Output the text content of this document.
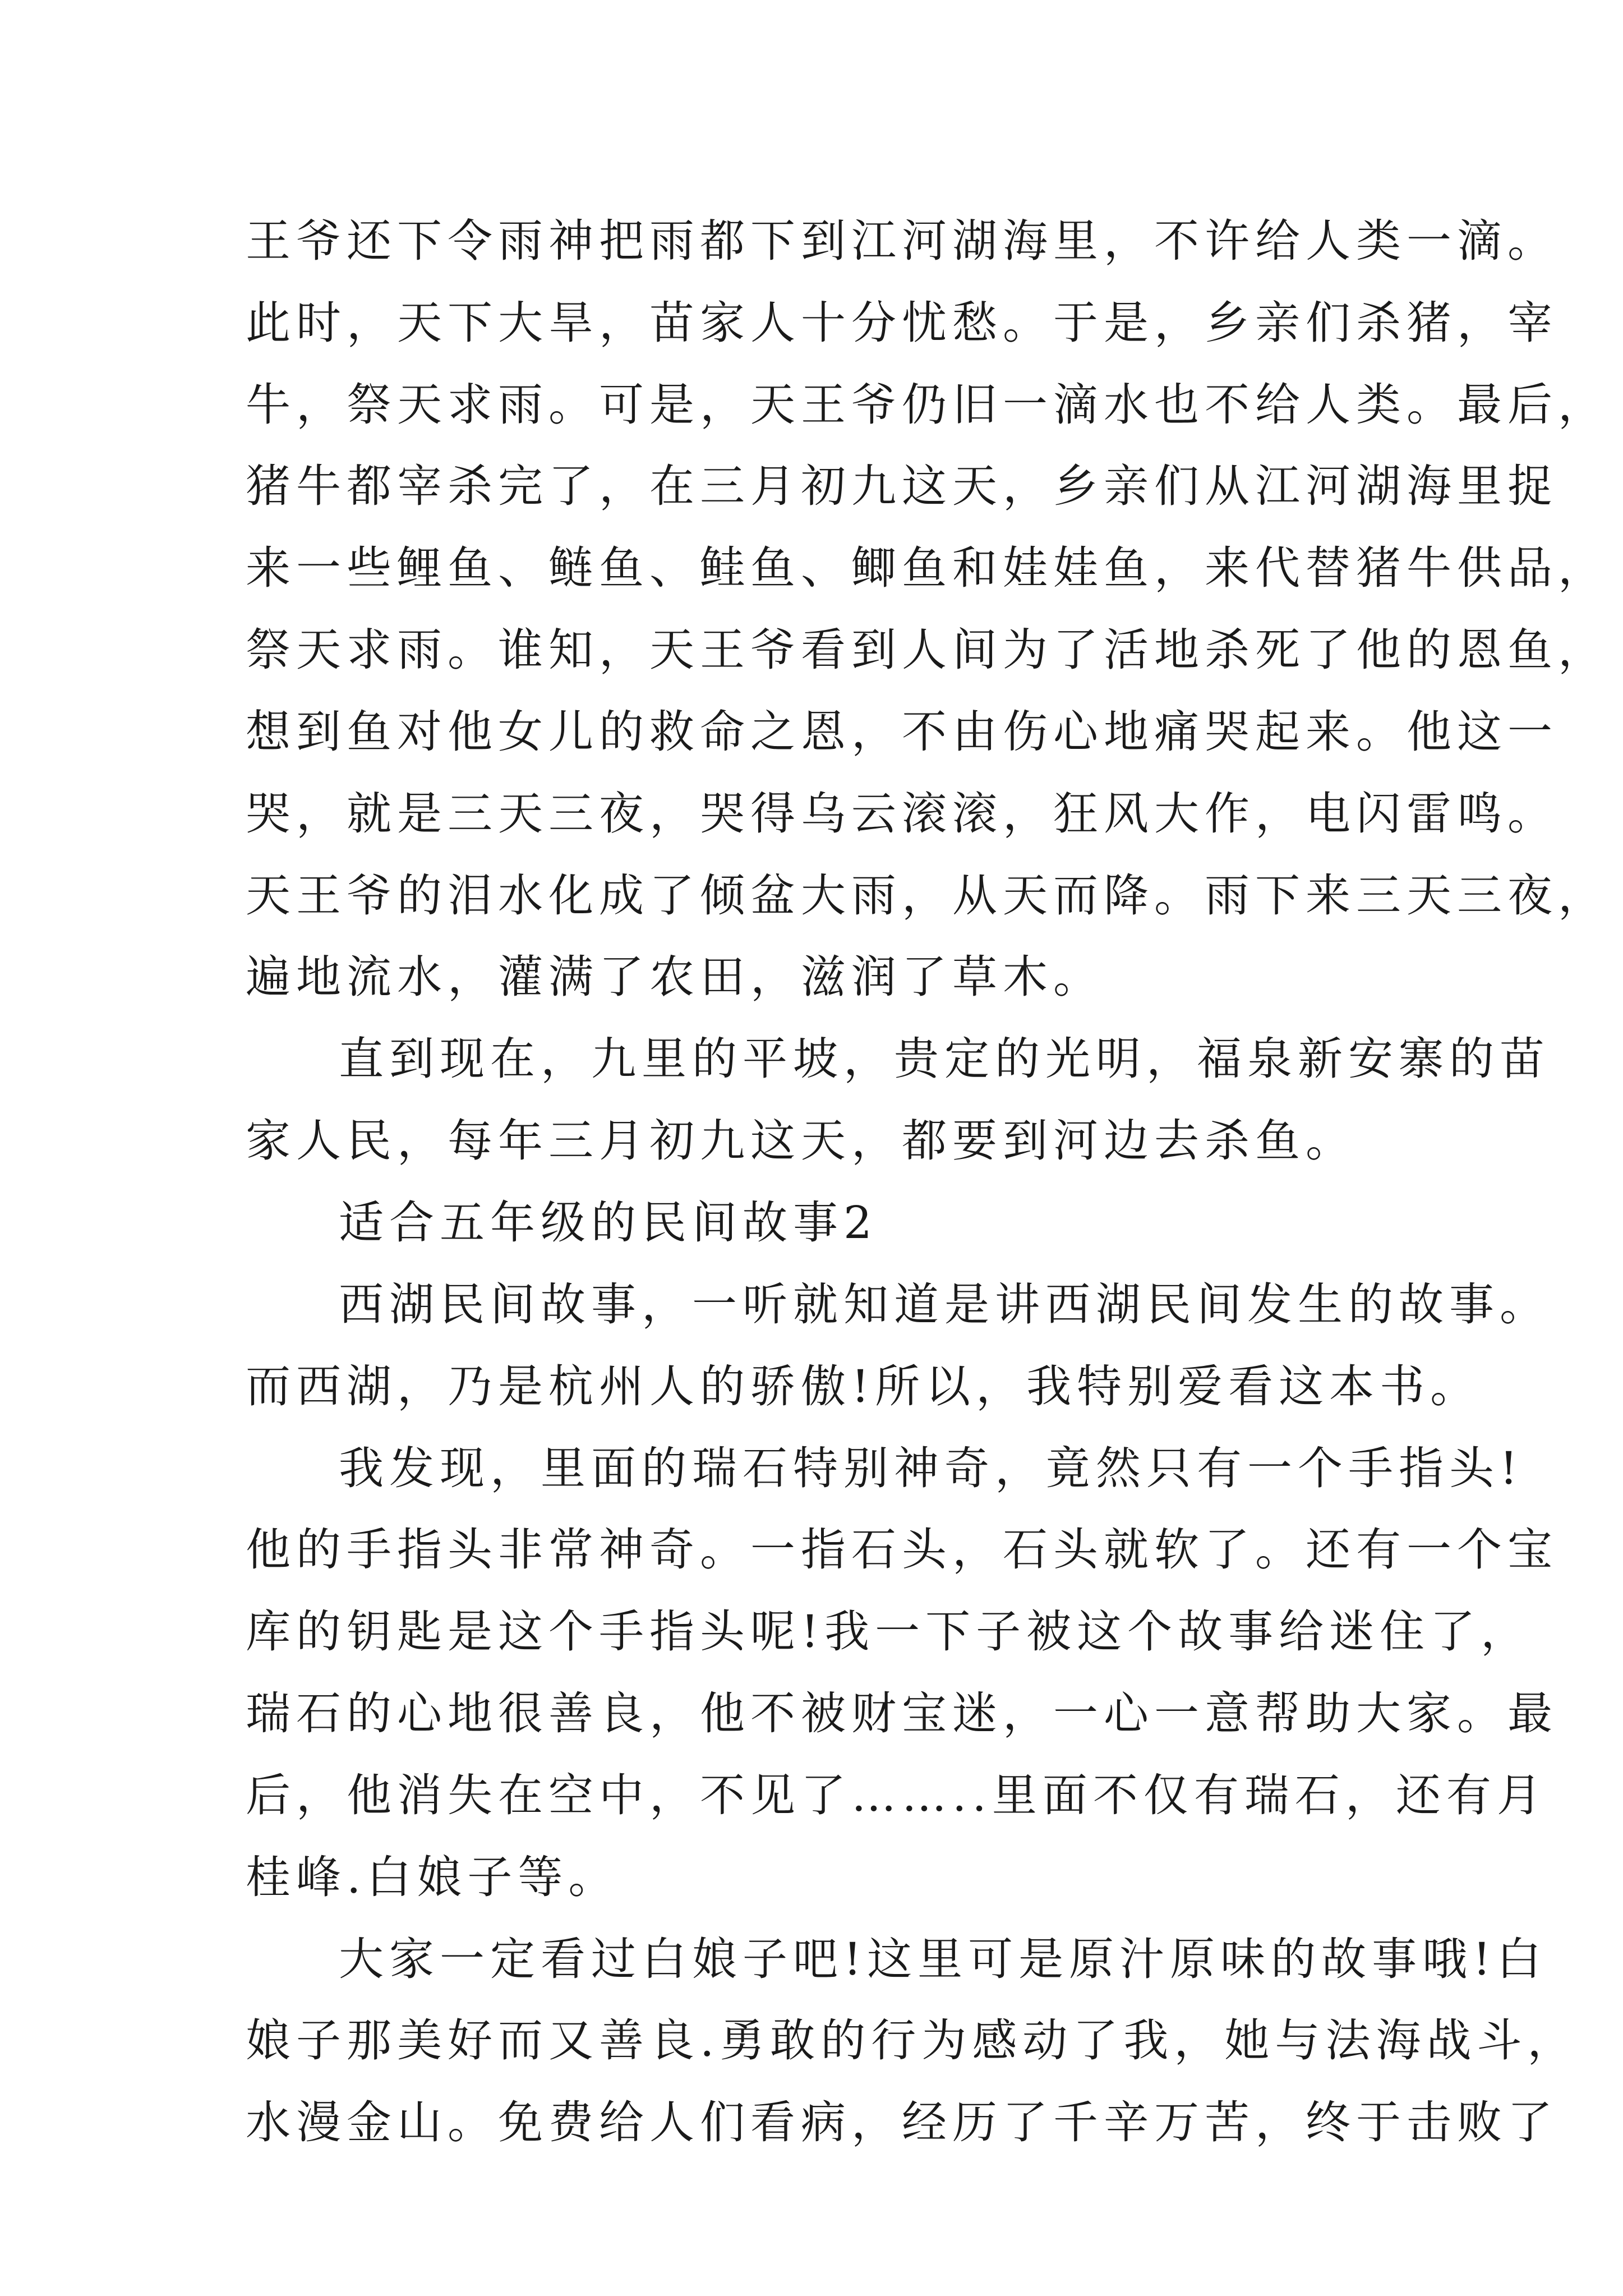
王爷还下令雨神把雨都下到江河湖海里，不许给人类一滴。
此时，天下大旱，苗家人十分忧愁。于是，乡亲们杀猪，宰
牛，祭天求雨。可是，天王爷仍旧一滴水也不给人类。最后，
猪牛都宰杀完了，在三月初九这天，乡亲们从江河湖海里捉
来一些鲤鱼、鲢鱼、鲑鱼、鲫鱼和娃娃鱼，来代替猪牛供品，
祭天求雨。谁知，天王爷看到人间为了活地杀死了他的恩鱼，
想到鱼对他女儿的救命之恩，不由伤心地痛哭起来。他这一
哭，就是三天三夜，哭得乌云滚滚，狂风大作，电闪雷鸣。
天王爷的泪水化成了倾盆大雨，从天而降。雨下来三天三夜，
遍地流水，灌满了农田，滋润了草木。
直到现在，九里的平坡，贵定的光明，福泉新安寨的苗
家人民，每年三月初九这天，都要到河边去杀鱼。
适合五年级的民间故事2
西湖民间故事，一听就知道是讲西湖民间发生的故事。
而西湖，乃是杭州人的骄傲!所以，我特别爱看这本书。
我发现，里面的瑞石特别神奇，竟然只有一个手指头!
他的手指头非常神奇。一指石头，石头就软了。还有一个宝
库的钥匙是这个手指头呢!我一下子被这个故事给迷住了，
瑞石的心地很善良，他不被财宝迷，一心一意帮助大家。最
后，他消失在空中，不见了……..里面不仅有瑞石，还有月
桂峰.白娘子等。
大家一定看过白娘子吧!这里可是原汁原味的故事哦!白
娘子那美好而又善良.勇敢的行为感动了我，她与法海战斗，
水漫金山。免费给人们看病，经历了千辛万苦，终于击败了
